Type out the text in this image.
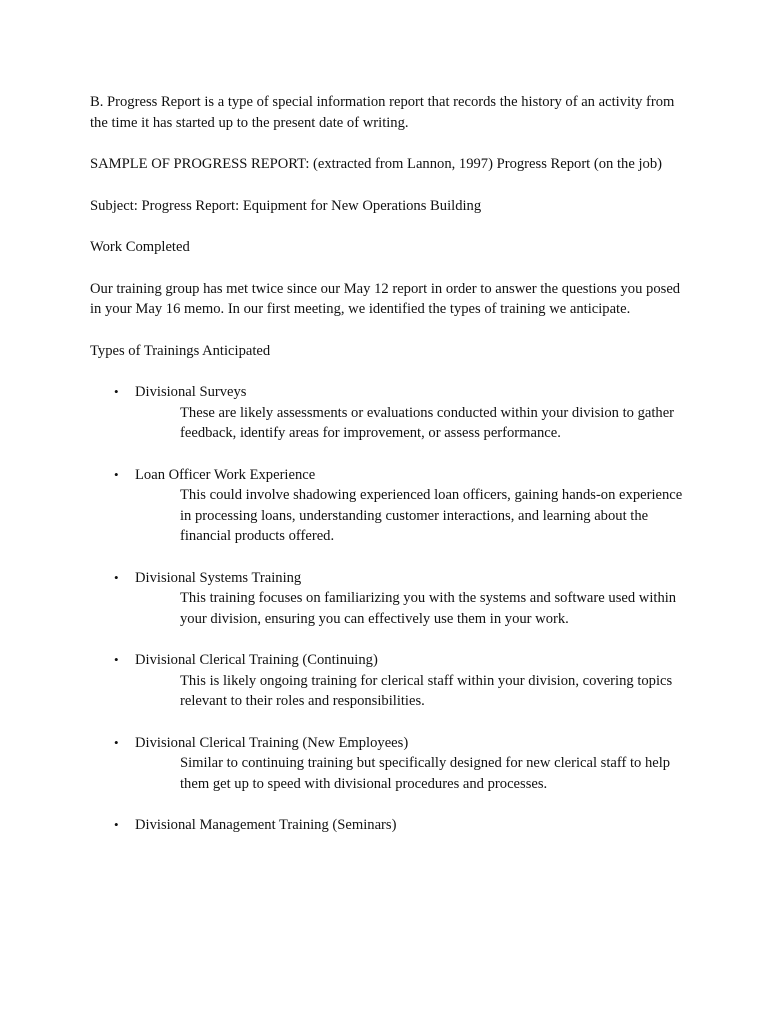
B. Progress Report is a type of special information report that records the history of an activity from the time it has started up to the present date of writing.

SAMPLE OF PROGRESS REPORT: (extracted from Lannon, 1997) Progress Report (on the job)

Subject: Progress Report: Equipment for New Operations Building

Work Completed

Our training group has met twice since our May 12 report in order to answer the questions you posed in your May 16 memo. In our first meeting, we identified the types of training we anticipate.

Types of Trainings Anticipated

• Divisional Surveys
These are likely assessments or evaluations conducted within your division to gather feedback, identify areas for improvement, or assess performance.
• Loan Officer Work Experience
This could involve shadowing experienced loan officers, gaining hands-on experience in processing loans, understanding customer interactions, and learning about the financial products offered.
• Divisional Systems Training
This training focuses on familiarizing you with the systems and software used within your division, ensuring you can effectively use them in your work.
• Divisional Clerical Training (Continuing)
This is likely ongoing training for clerical staff within your division, covering topics relevant to their roles and responsibilities.
• Divisional Clerical Training (New Employees)
Similar to continuing training but specifically designed for new clerical staff to help them get up to speed with divisional procedures and processes.
• Divisional Management Training (Seminars)
